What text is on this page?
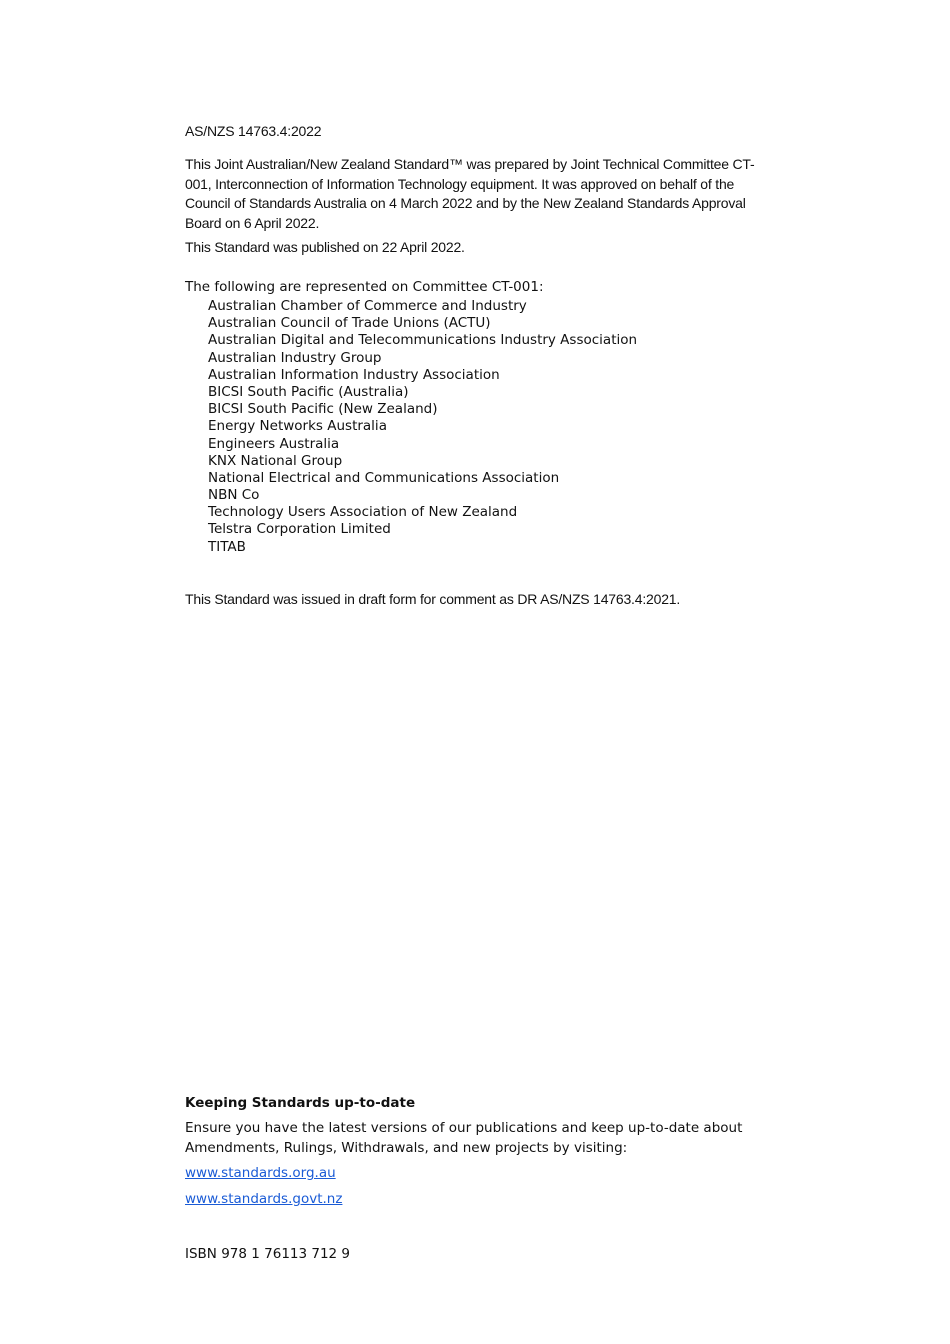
AS/NZS 14763.4:2022

This Joint Australian/New Zealand Standard™ was prepared by Joint Technical Committee CT-001, Interconnection of Information Technology equipment. It was approved on behalf of the Council of Standards Australia on 4 March 2022 and by the New Zealand Standards Approval Board on 6 April 2022.

This Standard was published on 22 April 2022.

The following are represented on Committee CT-001:

Australian Chamber of Commerce and Industry
Australian Council of Trade Unions (ACTU)
Australian Digital and Telecommunications Industry Association
Australian Industry Group
Australian Information Industry Association
BICSI South Pacific (Australia)
BICSI South Pacific (New Zealand)
Energy Networks Australia
Engineers Australia
KNX National Group
National Electrical and Communications Association
NBN Co
Technology Users Association of New Zealand
Telstra Corporation Limited
TITAB

This Standard was issued in draft form for comment as DR AS/NZS 14763.4:2021.

Keeping Standards up-to-date

Ensure you have the latest versions of our publications and keep up-to-date about Amendments, Rulings, Withdrawals, and new projects by visiting:

www.standards.org.au
www.standards.govt.nz

ISBN 978 1 76113 712 9
